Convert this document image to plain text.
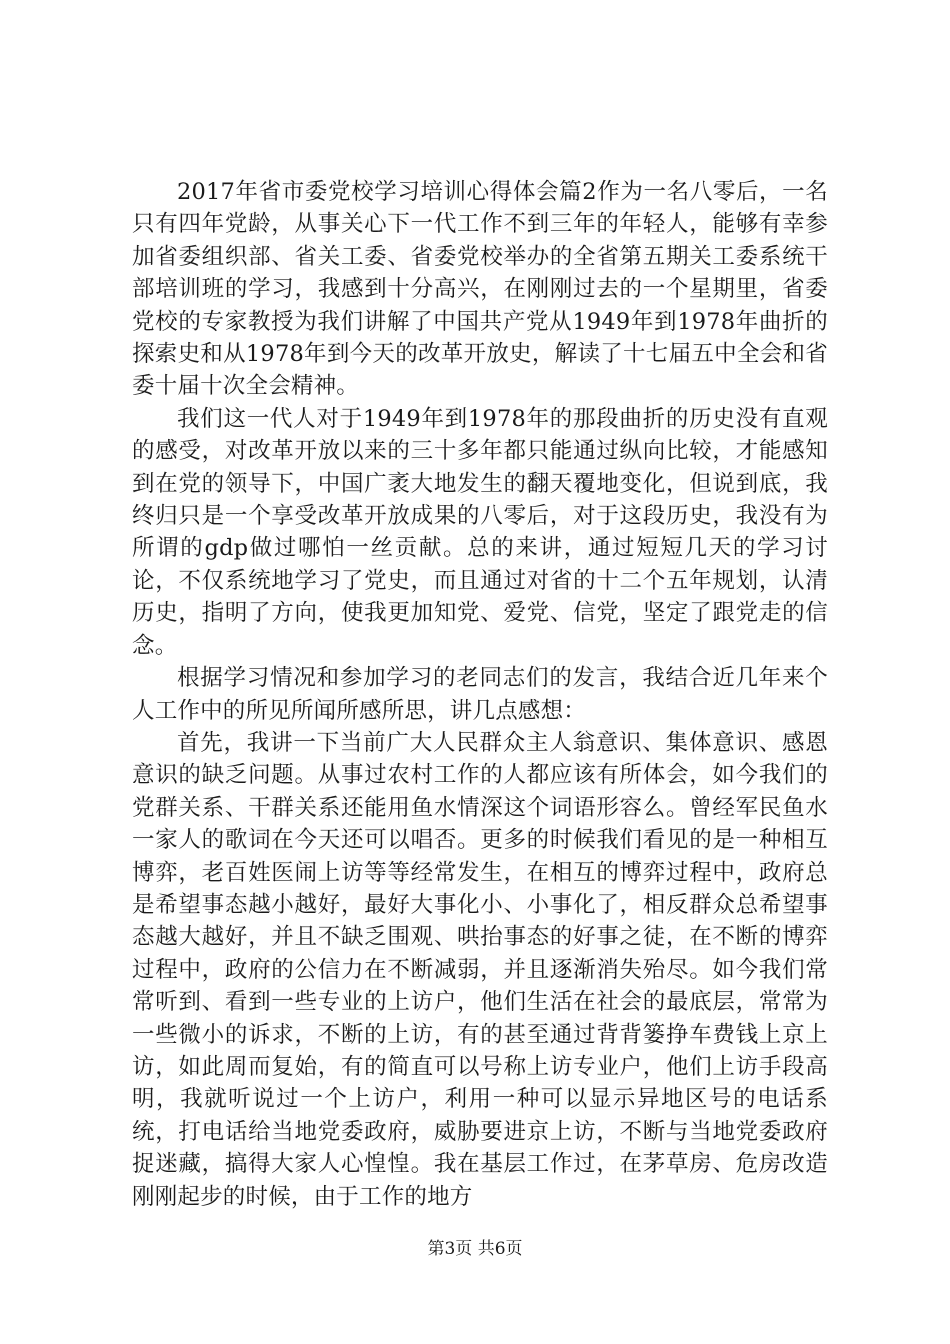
2017年省市委党校学习培训心得体会篇2作为一名八零后，一名只有四年党龄，从事关心下一代工作不到三年的年轻人，能够有幸参加省委组织部、省关工委、省委党校举办的全省第五期关工委系统干部培训班的学习，我感到十分高兴，在刚刚过去的一个星期里，省委党校的专家教授为我们讲解了中国共产党从1949年到1978年曲折的探索史和从1978年到今天的改革开放史，解读了十七届五中全会和省委十届十次全会精神。

我们这一代人对于1949年到1978年的那段曲折的历史没有直观的感受，对改革开放以来的三十多年都只能通过纵向比较，才能感知到在党的领导下，中国广袤大地发生的翻天覆地变化，但说到底，我终归只是一个享受改革开放成果的八零后，对于这段历史，我没有为所谓的gdp做过哪怕一丝贡献。总的来讲，通过短短几天的学习讨论，不仅系统地学习了党史，而且通过对省的十二个五年规划，认清历史，指明了方向，使我更加知党、爱党、信党，坚定了跟党走的信念。

根据学习情况和参加学习的老同志们的发言，我结合近几年来个人工作中的所见所闻所感所思，讲几点感想：

首先，我讲一下当前广大人民群众主人翁意识、集体意识、感恩意识的缺乏问题。从事过农村工作的人都应该有所体会，如今我们的党群关系、干群关系还能用鱼水情深这个词语形容么。曾经军民鱼水一家人的歌词在今天还可以唱否。更多的时候我们看见的是一种相互博弈，老百姓医闹上访等等经常发生，在相互的博弈过程中，政府总是希望事态越小越好，最好大事化小、小事化了，相反群众总希望事态越大越好，并且不缺乏围观、哄抬事态的好事之徒，在不断的博弈过程中，政府的公信力在不断减弱，并且逐渐消失殆尽。如今我们常常听到、看到一些专业的上访户，他们生活在社会的最底层，常常为一些微小的诉求，不断的上访，有的甚至通过背背篓挣车费钱上京上访，如此周而复始，有的简直可以号称上访专业户，他们上访手段高明，我就听说过一个上访户，利用一种可以显示异地区号的电话系统，打电话给当地党委政府，威胁要进京上访，不断与当地党委政府捉迷藏，搞得大家人心惶惶。我在基层工作过，在茅草房、危房改造刚刚起步的时候，由于工作的地方

第3页 共6页
